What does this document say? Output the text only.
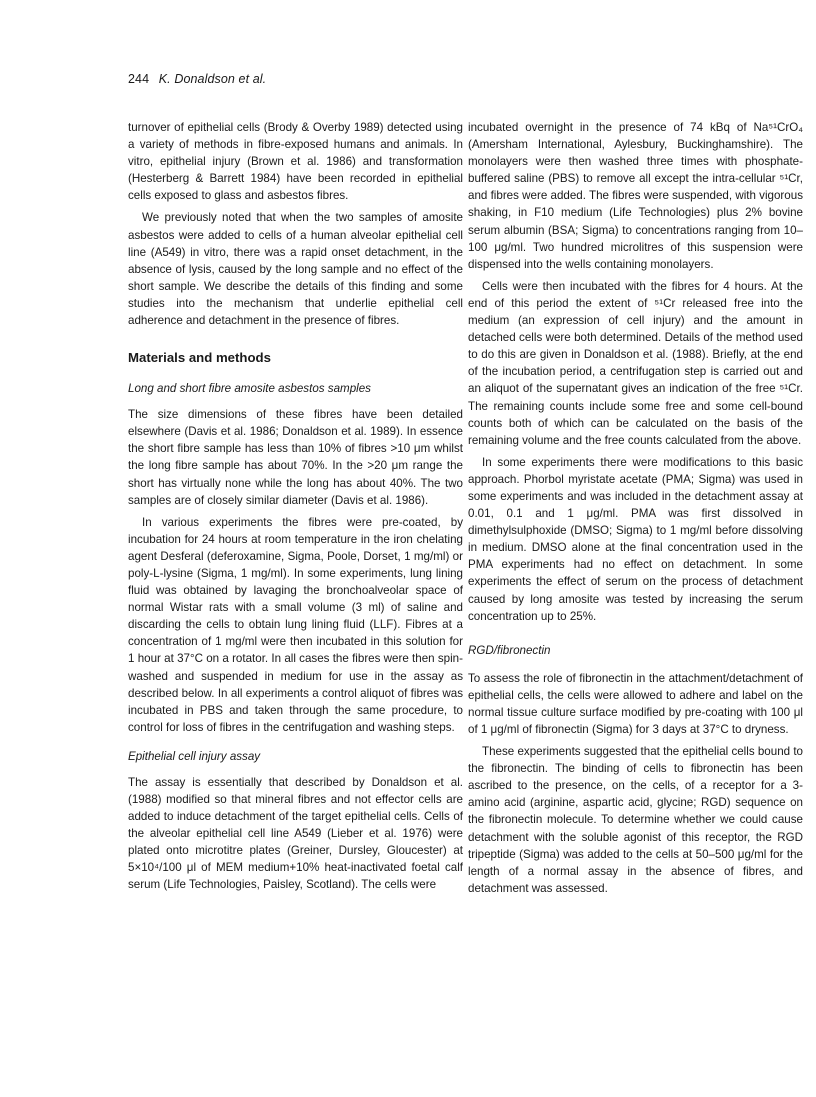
244 K. Donaldson et al.

turnover of epithelial cells (Brody & Overby 1989) detected using a variety of methods in fibre-exposed humans and animals. In vitro, epithelial injury (Brown et al. 1986) and transformation (Hesterberg & Barrett 1984) have been recorded in epithelial cells exposed to glass and asbestos fibres.

We previously noted that when the two samples of amosite asbestos were added to cells of a human alveolar epithelial cell line (A549) in vitro, there was a rapid onset detachment, in the absence of lysis, caused by the long sample and no effect of the short sample. We describe the details of this finding and some studies into the mechanism that underlie epithelial cell adherence and detachment in the presence of fibres.

Materials and methods
Long and short fibre amosite asbestos samples

The size dimensions of these fibres have been detailed elsewhere (Davis et al. 1986; Donaldson et al. 1989). In essence the short fibre sample has less than 10% of fibres >10 μm whilst the long fibre sample has about 70%. In the >20 μm range the short has virtually none while the long has about 40%. The two samples are of closely similar diameter (Davis et al. 1986).

In various experiments the fibres were pre-coated, by incubation for 24 hours at room temperature in the iron chelating agent Desferal (deferoxamine, Sigma, Poole, Dorset, 1 mg/ml) or poly-L-lysine (Sigma, 1 mg/ml). In some experiments, lung lining fluid was obtained by lavaging the bronchoalveolar space of normal Wistar rats with a small volume (3 ml) of saline and discarding the cells to obtain lung lining fluid (LLF). Fibres at a concentration of 1 mg/ml were then incubated in this solution for 1 hour at 37°C on a rotator. In all cases the fibres were then spin-washed and suspended in medium for use in the assay as described below. In all experiments a control aliquot of fibres was incubated in PBS and taken through the same procedure, to control for loss of fibres in the centrifugation and washing steps.

Epithelial cell injury assay

The assay is essentially that described by Donaldson et al. (1988) modified so that mineral fibres and not effector cells are added to induce detachment of the target epithelial cells. Cells of the alveolar epithelial cell line A549 (Lieber et al. 1976) were plated onto microtitre plates (Greiner, Dursley, Gloucester) at 5×10⁴/100 μl of MEM medium+10% heat-inactivated foetal calf serum (Life Technologies, Paisley, Scotland). The cells were

incubated overnight in the presence of 74 kBq of Na⁵¹CrO₄ (Amersham International, Aylesbury, Buckinghamshire). The monolayers were then washed three times with phosphate-buffered saline (PBS) to remove all except the intra-cellular ⁵¹Cr, and fibres were added. The fibres were suspended, with vigorous shaking, in F10 medium (Life Technologies) plus 2% bovine serum albumin (BSA; Sigma) to concentrations ranging from 10–100 μg/ml. Two hundred microlitres of this suspension were dispensed into the wells containing monolayers.

Cells were then incubated with the fibres for 4 hours. At the end of this period the extent of ⁵¹Cr released free into the medium (an expression of cell injury) and the amount in detached cells were both determined. Details of the method used to do this are given in Donaldson et al. (1988). Briefly, at the end of the incubation period, a centrifugation step is carried out and an aliquot of the supernatant gives an indication of the free ⁵¹Cr. The remaining counts include some free and some cell-bound counts both of which can be calculated on the basis of the remaining volume and the free counts calculated from the above.

In some experiments there were modifications to this basic approach. Phorbol myristate acetate (PMA; Sigma) was used in some experiments and was included in the detachment assay at 0.01, 0.1 and 1 μg/ml. PMA was first dissolved in dimethylsulphoxide (DMSO; Sigma) to 1 mg/ml before dissolving in medium. DMSO alone at the final concentration used in the PMA experiments had no effect on detachment. In some experiments the effect of serum on the process of detachment caused by long amosite was tested by increasing the serum concentration up to 25%.

RGD/fibronectin

To assess the role of fibronectin in the attachment/detachment of epithelial cells, the cells were allowed to adhere and label on the normal tissue culture surface modified by pre-coating with 100 μl of 1 μg/ml of fibronectin (Sigma) for 3 days at 37°C to dryness.

These experiments suggested that the epithelial cells bound to the fibronectin. The binding of cells to fibronectin has been ascribed to the presence, on the cells, of a receptor for a 3-amino acid (arginine, aspartic acid, glycine; RGD) sequence on the fibronectin molecule. To determine whether we could cause detachment with the soluble agonist of this receptor, the RGD tripeptide (Sigma) was added to the cells at 50–500 μg/ml for the length of a normal assay in the absence of fibres, and detachment was assessed.
